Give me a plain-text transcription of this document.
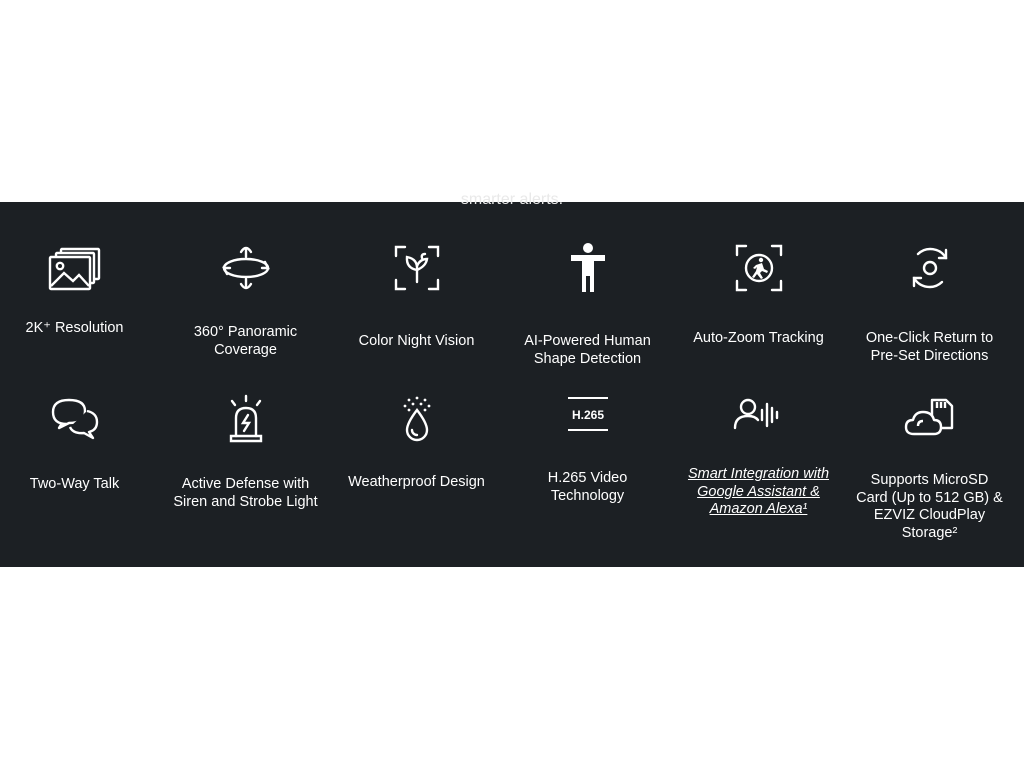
smarter alerts.
2K⁺ Resolution	360° Panoramic Coverage
Color Night Vision	AI-Powered Human Shape Detection
Auto-Zoom Tracking	One-Click Return to Pre-Set Directions
Two-Way Talk	Active Defense with Siren and Strobe Light
Weatherproof Design
H.265
H.265 Video Technology
Smart Integration with Google Assistant & Amazon Alexa¹
Supports MicroSD Card (Up to 512 GB) & EZVIZ CloudPlay Storage²
